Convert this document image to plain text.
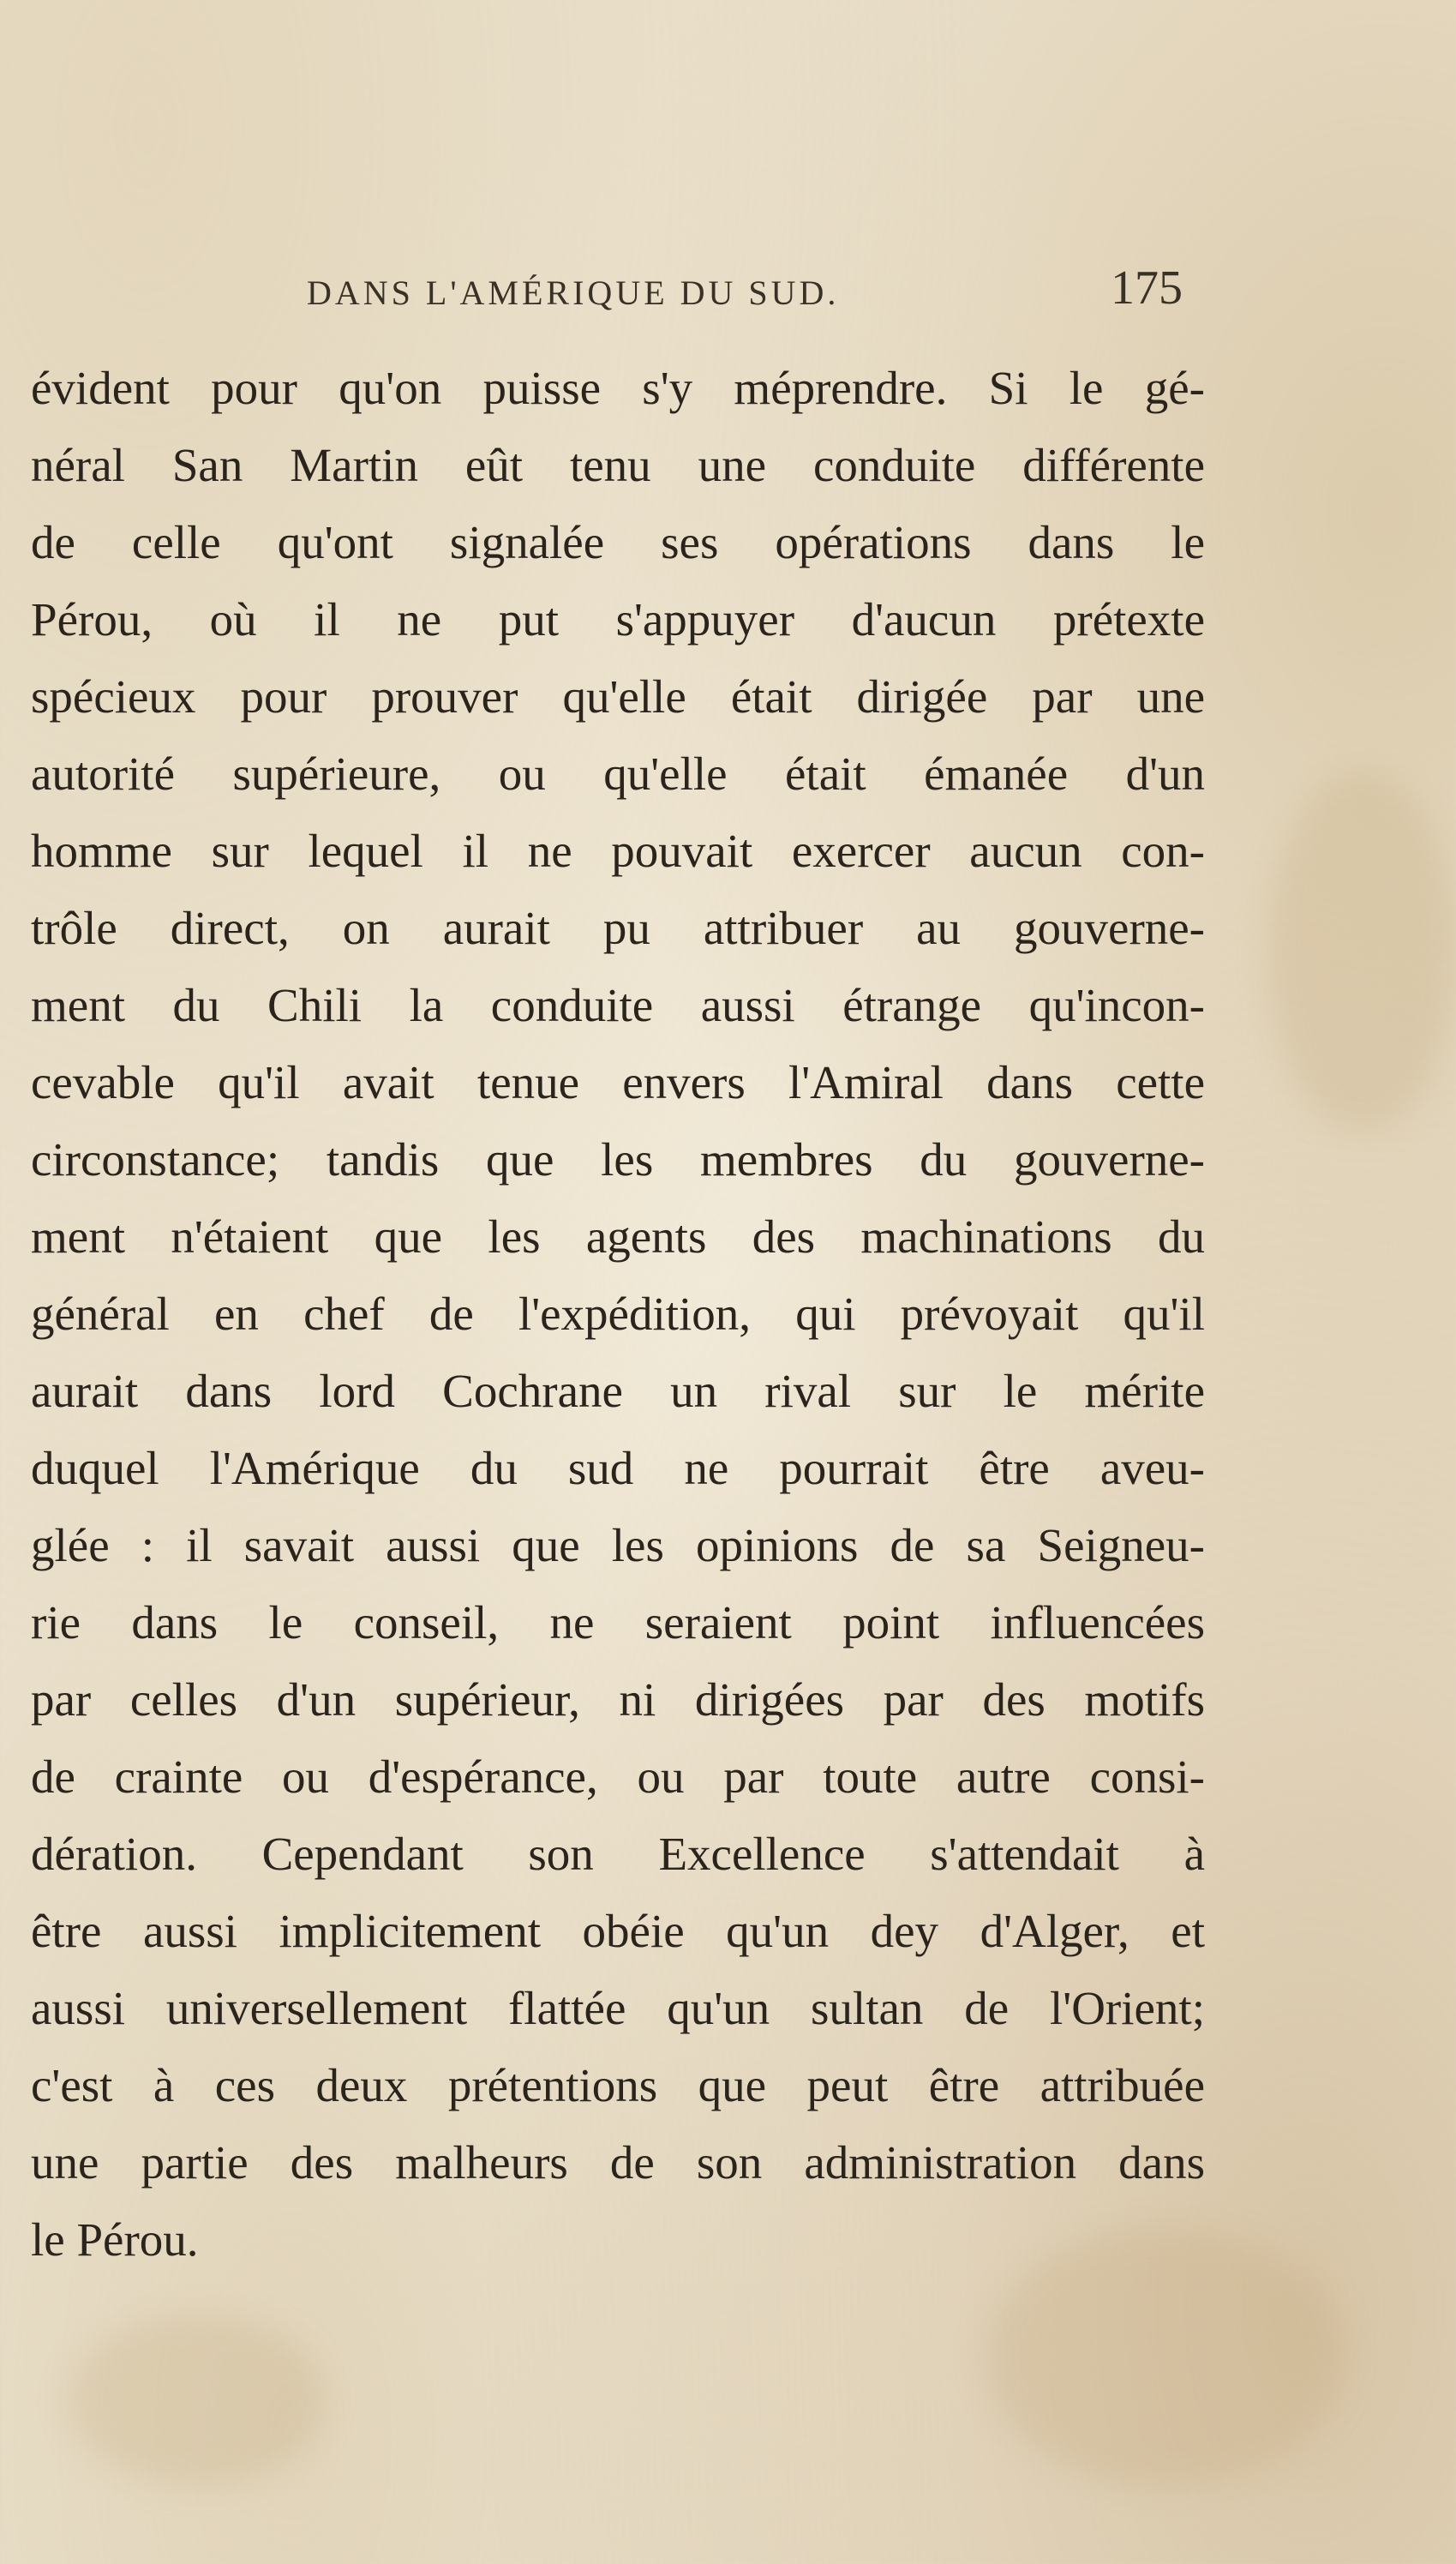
DANS L'AMÉRIQUE DU SUD.	175
évident pour qu'on puisse s'y méprendre. Si le gé-
néral San Martin eût tenu une conduite différente
de celle qu'ont signalée ses opérations dans le
Pérou, où il ne put s'appuyer d'aucun prétexte
spécieux pour prouver qu'elle était dirigée par une
autorité supérieure, ou qu'elle était émanée d'un
homme sur lequel il ne pouvait exercer aucun con-
trôle direct, on aurait pu attribuer au gouverne-
ment du Chili la conduite aussi étrange qu'incon-
cevable qu'il avait tenue envers l'Amiral dans cette
circonstance; tandis que les membres du gouverne-
ment n'étaient que les agents des machinations du
général en chef de l'expédition, qui prévoyait qu'il
aurait dans lord Cochrane un rival sur le mérite
duquel l'Amérique du sud ne pourrait être aveu-
glée : il savait aussi que les opinions de sa Seigneu-
rie dans le conseil, ne seraient point influencées
par celles d'un supérieur, ni dirigées par des motifs
de crainte ou d'espérance, ou par toute autre consi-
dération. Cependant son Excellence s'attendait à
être aussi implicitement obéie qu'un dey d'Alger, et
aussi universellement flattée qu'un sultan de l'Orient;
c'est à ces deux prétentions que peut être attribuée
une partie des malheurs de son administration dans
le Pérou.
